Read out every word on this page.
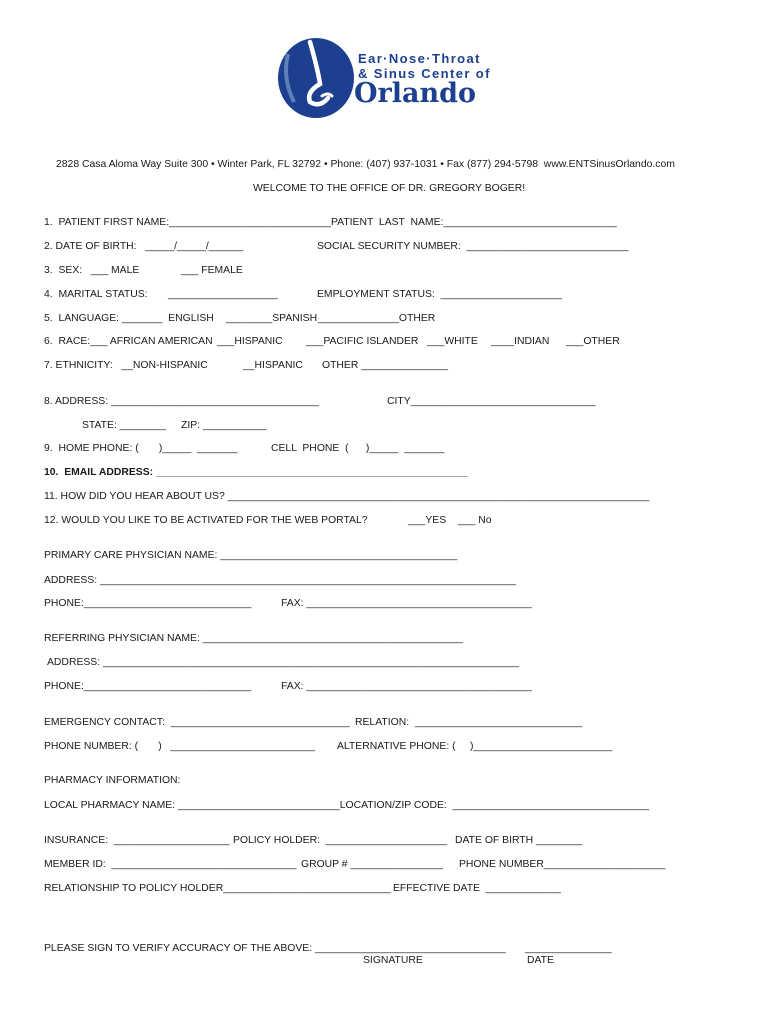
Ear·Nose·Throat
& Sinus Center of
Orlando
2828 Casa Aloma Way Suite 300 • Winter Park, FL 32792 • Phone: (407) 937-1031 • Fax (877) 294-5798  www.ENTSinusOrlando.com
WELCOME TO THE OFFICE OF DR. GREGORY BOGER!
1.  PATIENT FIRST NAME:____________________________ PATIENT  LAST  NAME:______________________________
2. DATE OF BIRTH:   _____/_____/______	SOCIAL SECURITY NUMBER:  ____________________________
3.  SEX:   ___ MALE	___ FEMALE
4.  MARITAL STATUS: ___________________	EMPLOYMENT STATUS:  _____________________
5.  LANGUAGE: _______  ENGLISH ________SPANISH ______________OTHER
6.  RACE:___ AFRICAN AMERICAN ___HISPANIC ___PACIFIC ISLANDER ___WHITE ____INDIAN ___OTHER
7. ETHNICITY:   __NON-HISPANIC	__HISPANIC OTHER _______________
8. ADDRESS: ____________________________________	CITY________________________________
STATE: ________ ZIP: ___________
9.  HOME PHONE: (       )_____  _______	CELL  PHONE  (      )_____  _______
10.  EMAIL ADDRESS: ______________________________________________________
11. HOW DID YOU HEAR ABOUT US? _________________________________________________________________________
12. WOULD YOU LIKE TO BE ACTIVATED FOR THE WEB PORTAL?	___YES ___ No
PRIMARY CARE PHYSICIAN NAME: _________________________________________
ADDRESS: ________________________________________________________________________
PHONE:_____________________________	FAX: _______________________________________
REFERRING PHYSICIAN NAME: _____________________________________________
ADDRESS: ________________________________________________________________________
PHONE:_____________________________	FAX: _______________________________________
EMERGENCY CONTACT:  _______________________________ RELATION:  _____________________________
PHONE NUMBER: (       )   _________________________ ALTERNATIVE PHONE: (     )________________________
PHARMACY INFORMATION:
LOCAL PHARMACY NAME: ____________________________LOCATION/ZIP CODE:  __________________________________
INSURANCE:  ____________________ POLICY HOLDER:  _____________________ DATE OF BIRTH ________
MEMBER ID:  ________________________________ GROUP # ________________ PHONE NUMBER_____________________
RELATIONSHIP TO POLICY HOLDER_____________________________ EFFECTIVE DATE  _____________
PLEASE SIGN TO VERIFY ACCURACY OF THE ABOVE: _________________________________ _______________
SIGNATURE	DATE
